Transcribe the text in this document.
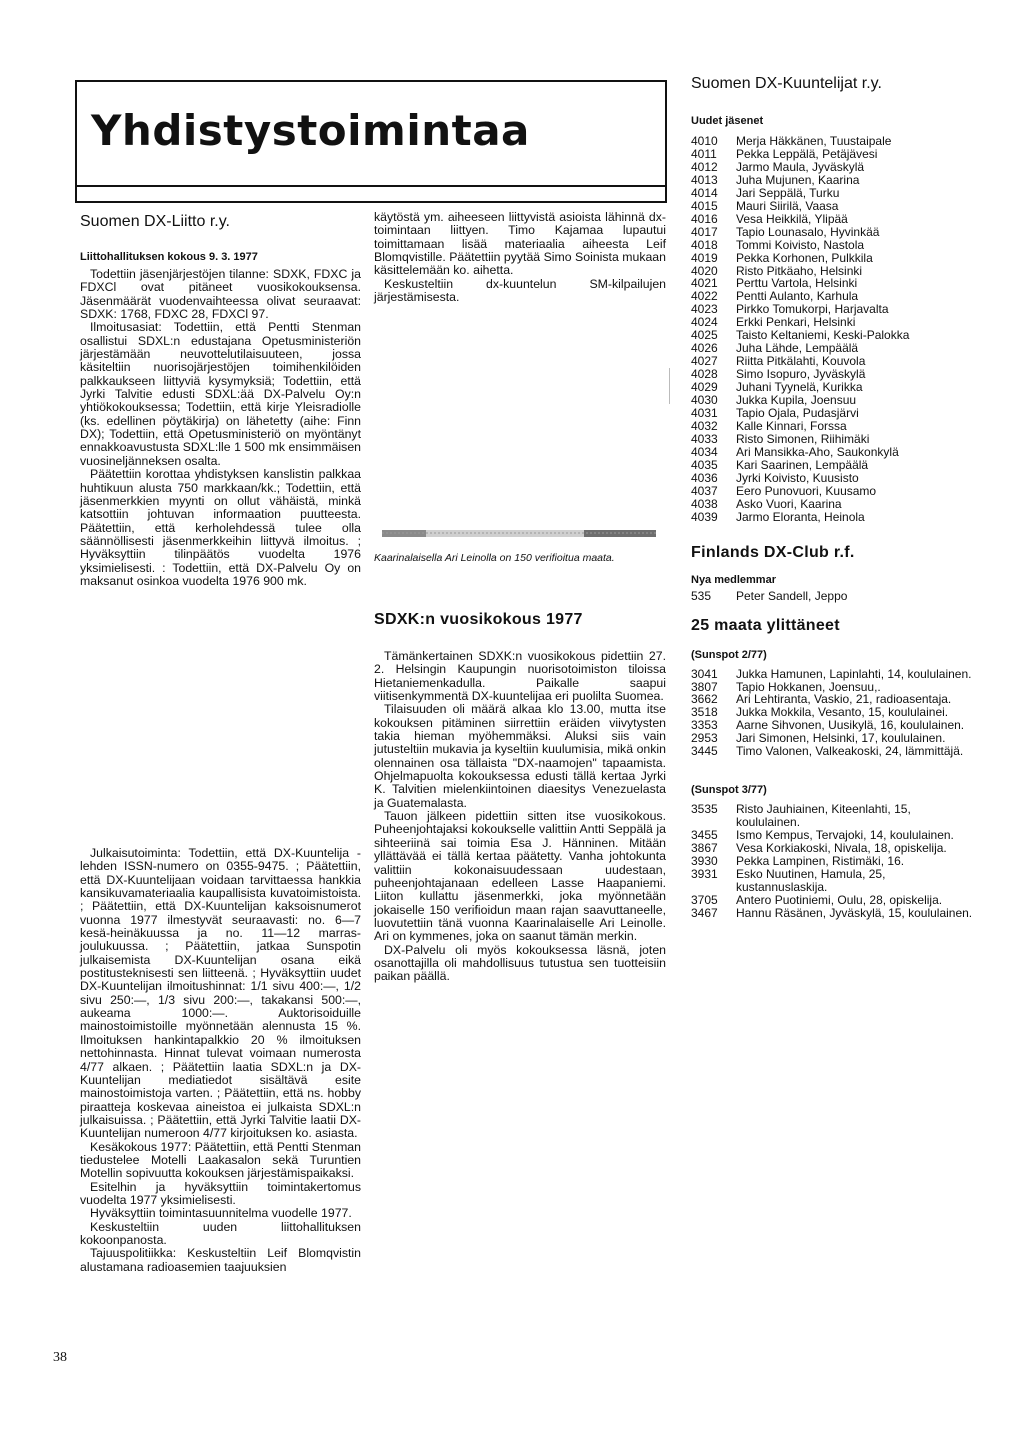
Yhdistystoimintaa
Suomen DX-Liitto r.y.
Liittohallituksen kokous 9. 3. 1977

Todettiin jäsenjärjestöjen tilanne: SDXK, FDXC ja FDXCl ovat pitäneet vuosikokouksensa. Jäsenmäärät vuodenvaihteessa olivat seuraavat: SDXK: 1768, FDXC 28, FDXCl 97.

Ilmoitusasiat: Todettiin, että Pentti Stenman osallistui SDXL:n edustajana Opetusministeriön järjestämään neuvottelutilaisuuteen, jossa käsiteltiin nuorisojärjestöjen toimihenkilöiden palkkaukseen liittyviä kysymyksiä; Todettiin, että Jyrki Talvitie edusti SDXL:ää DX-Palvelu Oy:n yhtiökokouksessa; Todettiin, että kirje Yleisradiolle (ks. edellinen pöytäkirja) on lähetetty (aihe: Finn DX); Todettiin, että Opetusministeriö on myöntänyt ennakkoavustusta SDXL:lle 1 500 mk ensimmäisen vuosineljänneksen osalta.

Päätettiin korottaa yhdistyksen kanslistin palkkaa huhtikuun alusta 750 markkaan/kk.; Todettiin, että jäsenmerkkien myynti on ollut vähäistä, minkä katsottiin johtuvan informaation puutteesta. Päätettiin, että kerholehdessä tulee olla säännöllisesti jäsenmerkkeihin liittyvä ilmoitus. ; Hyväksyttiin tilinpäätös vuodelta 1976 yksimielisesti. : Todettiin, että DX-Palvelu Oy on maksanut osinkoa vuodelta 1976 900 mk.

Julkaisutoiminta: Todettiin, että DX-Kuuntelija -lehden ISSN-numero on 0355-9475. ; Päätettiin, että DX-Kuuntelijaan voidaan tarvittaessa hankkia kansikuvamateriaalia kaupallisista kuvatoimistoista. ; Päätettiin, että DX-Kuuntelijan kaksoisnumerot vuonna 1977 ilmestyvät seuraavasti: no. 6—7 kesä-heinäkuussa ja no. 11—12 marras-joulukuussa. ; Päätettiin, jatkaa Sunspotin julkaisemista DX-Kuuntelijan osana eikä postitusteknisesti sen liitteenä. ; Hyväksyttiin uudet DX-Kuuntelijan ilmoitushinnat: 1/1 sivu 400:—, 1/2 sivu 250:—, 1/3 sivu 200:—, takakansi 500:—, aukeama 1000:—. Auktorisoiduille mainostoimistoille myönnetään alennusta 15 %. Ilmoituksen hankintapalkkio 20 % ilmoituksen nettohinnasta. Hinnat tulevat voimaan numerosta 4/77 alkaen. ; Päätettiin laatia SDXL:n ja DX-Kuuntelijan mediatiedot sisältävä esite mainostoimistoja varten. ; Päätettiin, että ns. hobby piraatteja koskevaa aineistoa ei julkaista SDXL:n julkaisuissa. ; Päätettiin, että Jyrki Talvitie laatii DX-Kuuntelijan numeroon 4/77 kirjoituksen ko. asiasta.

Kesäkokous 1977: Päätettiin, että Pentti Stenman tiedustelee Motelli Laakasalon sekä Turuntien Motellin sopivuutta kokouksen järjestämispaikaksi.

Esitelhin ja hyväksyttiin toimintakertomus vuodelta 1977 yksimielisesti.

Hyväksyttiin toimintasuunnitelma vuodelle 1977.

Keskusteltiin uuden liittohallituksen kokoonpanosta.

Tajuuspolitiikka: Keskusteltiin Leif Blomqvistin alustamana radioasemien taajuuksien

käytöstä ym. aiheeseen liittyvistä asioista lähinnä dx-toimintaan liittyen. Timo Kajamaa lupautui toimittamaan lisää materiaalia aiheesta Leif Blomqvistille. Päätettiin pyytää Simo Soinista mukaan käsittelemään ko. aihetta.

Keskusteltiin dx-kuuntelun SM-kilpailujen järjestämisesta.

Kaarinalaisella Ari Leinolla on 150 verifioitua maata.
SDXK:n vuosikokous 1977

Tämänkertainen SDXK:n vuosikokous pidettiin 27. 2. Helsingin Kaupungin nuorisotoimiston tiloissa Hietaniemenkadulla. Paikalle saapui viitisenkymmentä DX-kuuntelijaa eri puolilta Suomea.

Tilaisuuden oli määrä alkaa klo 13.00, mutta itse kokouksen pitäminen siirrettiin eräiden viivytysten takia hieman myöhemmäksi. Aluksi siis vain jutusteltiin mukavia ja kyseltiin kuulumisia, mikä onkin olennainen osa tällaista "DX-naamojen" tapaamista. Ohjelmapuolta kokouksessa edusti tällä kertaa Jyrki K. Talvitien mielenkiintoinen diaesitys Venezuelasta ja Guatemalasta.

Tauon jälkeen pidettiin sitten itse vuosikokous. Puheenjohtajaksi kokoukselle valittiin Antti Seppälä ja sihteeriinä sai toimia Esa J. Hänninen. Mitään yllättävää ei tällä kertaa päätetty. Vanha johtokunta valittiin kokonaisuudessaan uudestaan, puheenjohtajanaan edelleen Lasse Haapaniemi. Liiton kullattu jäsenmerkki, joka myönnetään jokaiselle 150 verifioidun maan rajan saavuttaneelle, luovutettiin tänä vuonna Kaarinalaiselle Ari Leinolle. Ari on kymmenes, joka on saanut tämän merkin.

DX-Palvelu oli myös kokouksessa läsnä, joten osanottajilla oli mahdollisuus tutustua sen tuotteisiin paikan päällä.

Suomen DX-Kuuntelijat r.y.
Uudet jäsenet
4010	Merja Häkkänen, Tuustaipale
4011	Pekka Leppälä, Petäjävesi
4012	Jarmo Maula, Jyväskylä
4013	Juha Mujunen, Kaarina
4014	Jari Seppälä, Turku
4015	Mauri Siirilä, Vaasa
4016	Vesa Heikkilä, Ylipää
4017	Tapio Lounasalo, Hyvinkää
4018	Tommi Koivisto, Nastola
4019	Pekka Korhonen, Pulkkila
4020	Risto Pitkäaho, Helsinki
4021	Perttu Vartola, Helsinki
4022	Pentti Aulanto, Karhula
4023	Pirkko Tomukorpi, Harjavalta
4024	Erkki Penkari, Helsinki
4025	Taisto Keltaniemi, Keski-Palokka
4026	Juha Lähde, Lempäälä
4027	Riitta Pitkälahti, Kouvola
4028	Simo Isopuro, Jyväskylä
4029	Juhani Tyynelä, Kurikka
4030	Jukka Kupila, Joensuu
4031	Tapio Ojala, Pudasjärvi
4032	Kalle Kinnari, Forssa
4033	Risto Simonen, Riihimäki
4034	Ari Mansikka-Aho, Saukonkylä
4035	Kari Saarinen, Lempäälä
4036	Jyrki Koivisto, Kuusisto
4037	Eero Punovuori, Kuusamo
4038	Asko Vuori, Kaarina
4039	Jarmo Eloranta, Heinola
Finlands DX-Club r.f.
Nya medlemmar
535	Peter Sandell, Jeppo
25 maata ylittäneet
(Sunspot 2/77)
3041	Jukka Hamunen, Lapinlahti, 14, koululainen.
3807	Tapio Hokkanen, Joensuu,.
3662	Ari Lehtiranta, Vaskio, 21, radioasentaja.
3518	Jukka Mokkila, Vesanto, 15, koululainei.
3353	Aarne Sihvonen, Uusikylä, 16, koululainen.
2953	Jari Simonen, Helsinki, 17, koululainen.
3445	Timo Valonen, Valkeakoski, 24, lämmittäjä.
(Sunspot 3/77)
3535	Risto Jauhiainen, Kiteenlahti, 15, koululainen.
3455	Ismo Kempus, Tervajoki, 14, koululainen.
3867	Vesa Korkiakoski, Nivala, 18, opiskelija.
3930	Pekka Lampinen, Ristimäki, 16.
3931	Esko Nuutinen, Hamula, 25, kustannuslaskija.
3705	Antero Puotiniemi, Oulu, 28, opiskelija.
3467	Hannu Räsänen, Jyväskylä, 15, koululainen.
38
